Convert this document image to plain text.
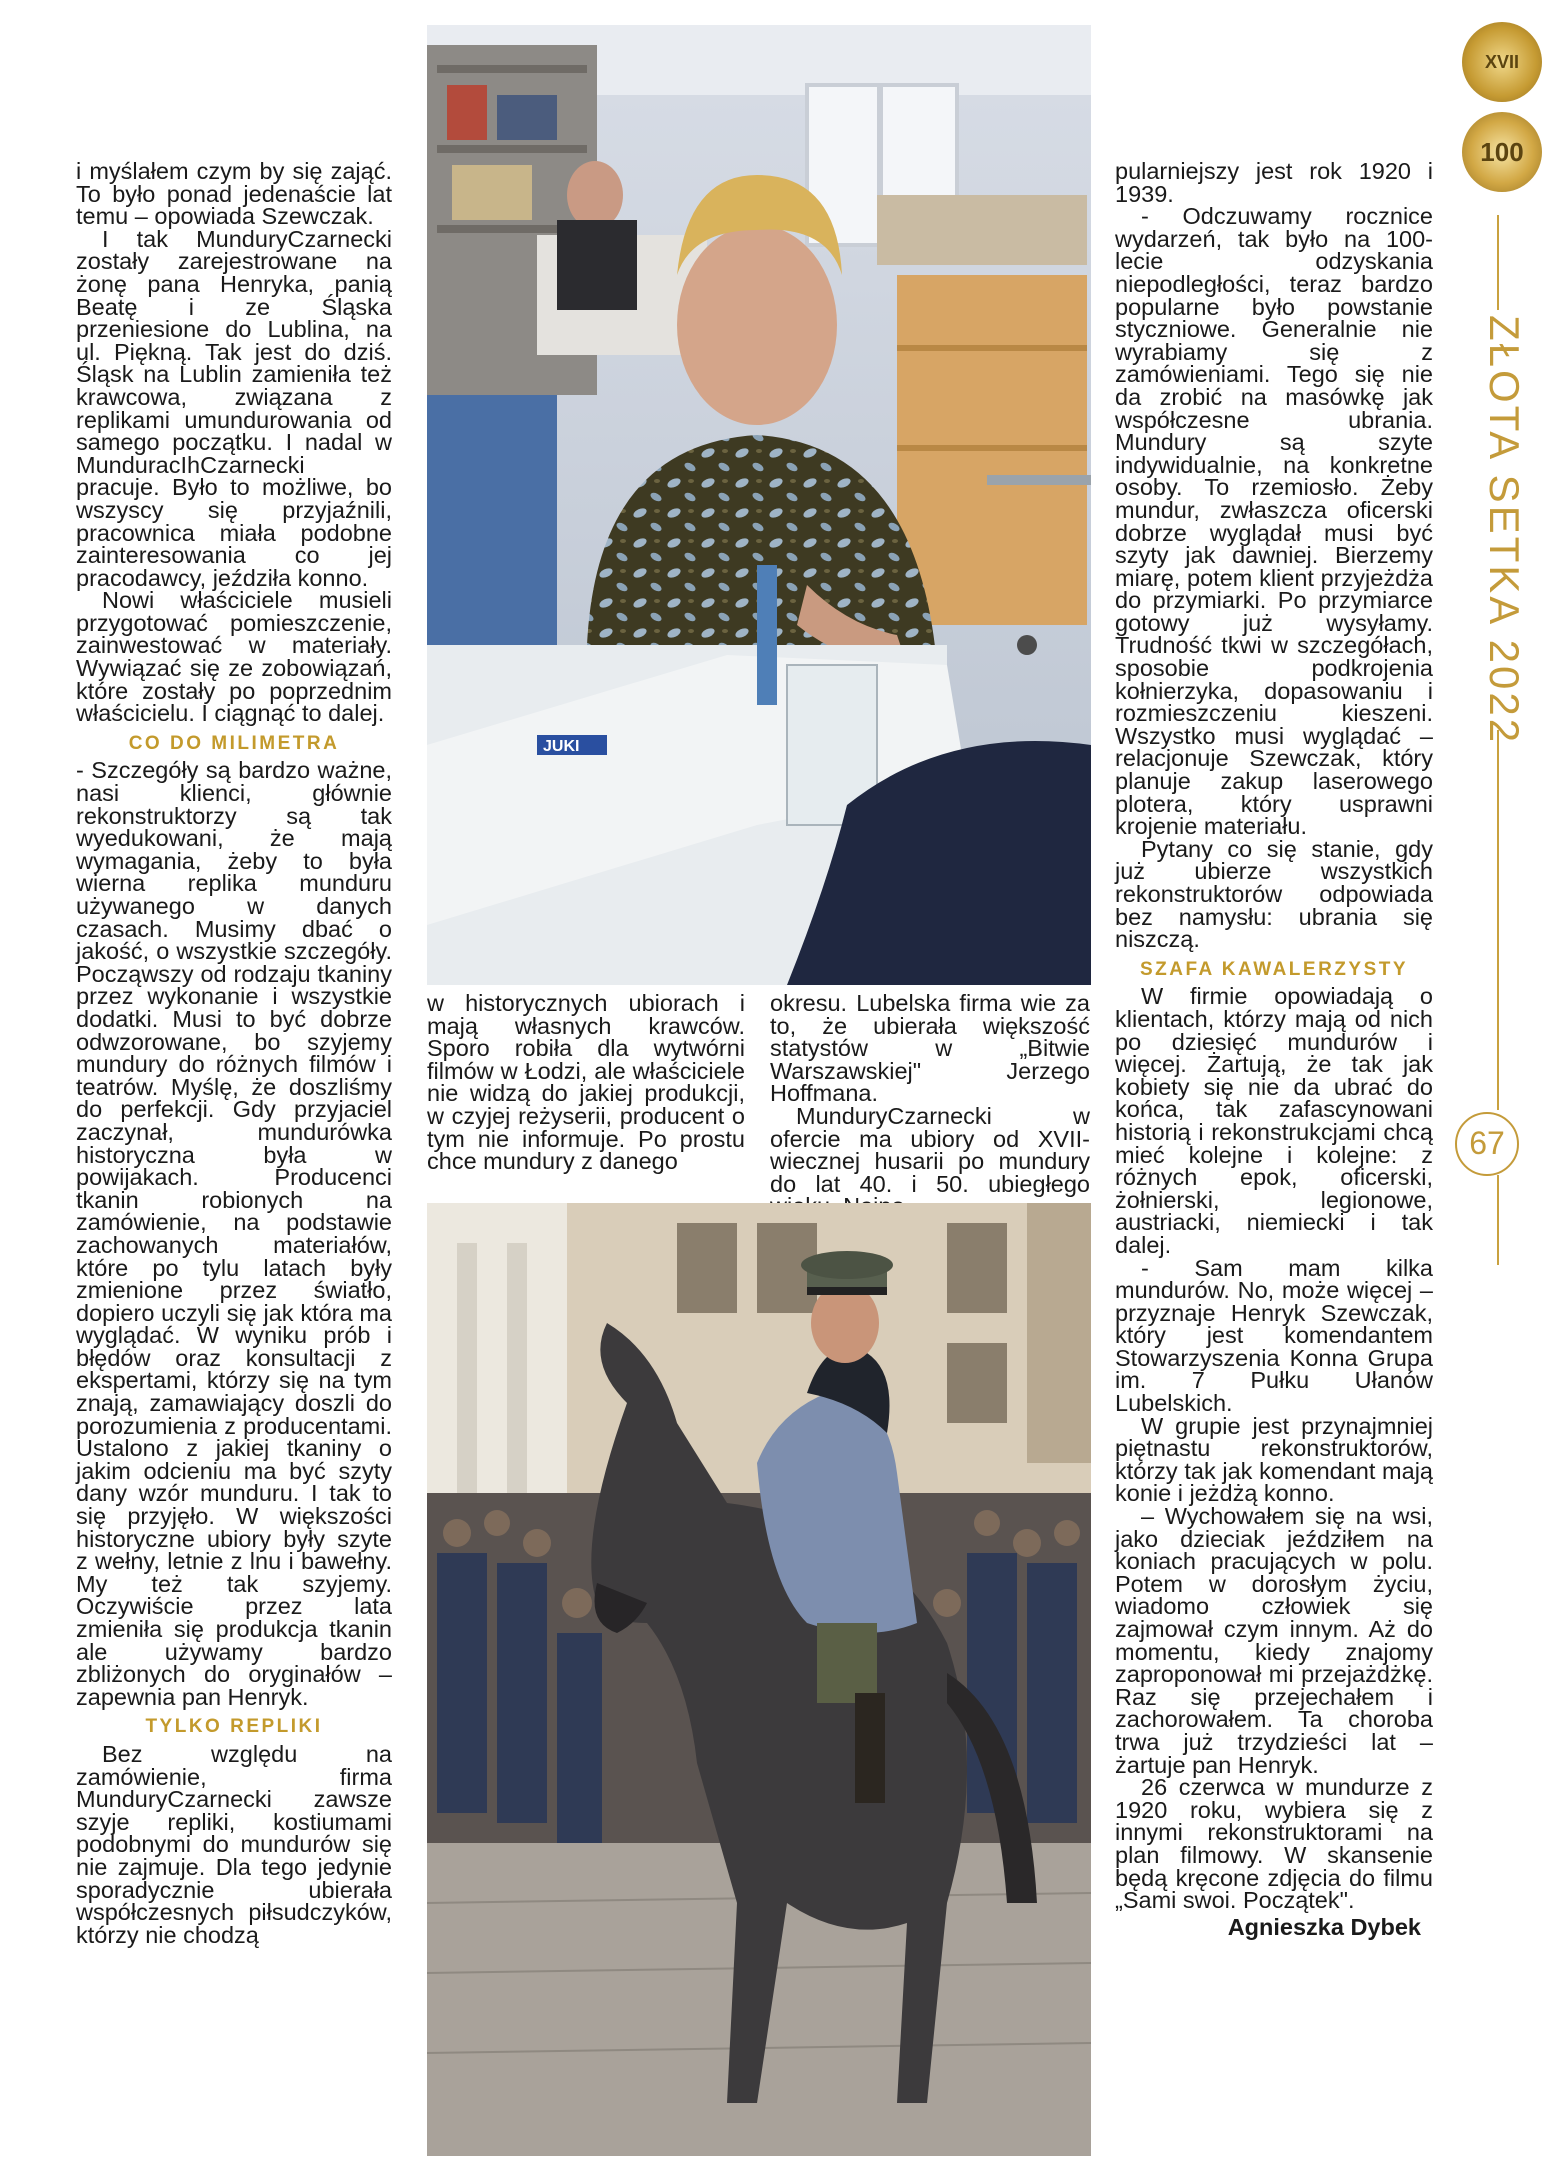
i myślałem czym by się zająć. To było ponad jedenaście lat temu – opowiada Szewczak.

I tak MunduryCzarnecki zostały zarejestrowane na żonę pana Henryka, panią Beatę i ze Śląska przeniesione do Lublina, na ul. Piękną. Tak jest do dziś. Śląsk na Lublin zamieniła też krawcowa, związana z replikami umundurowania od samego początku. I nadal w MunduracIhCzarnecki pracuje. Było to możliwe, bo wszyscy się przyjaźnili, pracownica miała podobne zainteresowania co jej pracodawcy, jeździła konno.

Nowi właściciele musieli przygotować pomieszczenie, zainwestować w materiały. Wywiązać się ze zobowiązań, które zostały po poprzednim właścicielu. I ciągnąć to dalej.

CO DO MILIMETRA

- Szczegóły są bardzo ważne, nasi klienci, głównie rekonstruktorzy są tak wyedukowani, że mają wymagania, żeby to była wierna replika munduru używanego w danych czasach. Musimy dbać o jakość, o wszystkie szczegóły. Począwszy od rodzaju tkaniny przez wykonanie i wszystkie dodatki. Musi to być dobrze odwzorowane, bo szyjemy mundury do różnych filmów i teatrów. Myślę, że doszliśmy do perfekcji. Gdy przyjaciel zaczynał, mundurówka historyczna była w powijakach. Producenci tkanin robionych na zamówienie, na podstawie zachowanych materiałów, które po tylu latach były zmienione przez światło, dopiero uczyli się jak która ma wyglądać. W wyniku prób i błędów oraz konsultacji z ekspertami, którzy się na tym znają, zamawiający doszli do porozumienia z producentami. Ustalono z jakiej tkaniny o jakim odcieniu ma być szyty dany wzór munduru. I tak to się przyjęło. W większości historyczne ubiory były szyte z wełny, letnie z lnu i bawełny. My też tak szyjemy. Oczywiście przez lata zmieniła się produkcja tkanin ale używamy bardzo zbliżonych do oryginałów – zapewnia pan Henryk.

TYLKO REPLIKI

Bez względu na zamówienie, firma MunduryCzarnecki zawsze szyje repliki, kostiumami podobnymi do mundurów się nie zajmuje. Dla tego jedynie sporadycznie ubierała współczesnych piłsudczyków, którzy nie chodzą

JUKI

w historycznych ubiorach i mają własnych krawców. Sporo robiła dla wytwórni filmów w Łodzi, ale właściciele nie widzą do jakiej produkcji, w czyjej reżyserii, producent o tym nie informuje. Po prostu chce mundury z danego

okresu. Lubelska firma wie za to, że ubierała większość statystów w „Bitwie Warszawskiej" Jerzego Hoffmana.

MunduryCzarnecki w ofercie ma ubiory od XVII-wiecznej husarii po mundury do lat 40. i 50. ubiegłego

pularniejszy jest rok 1920 i 1939.

- Odczuwamy rocznice wydarzeń, tak było na 100-lecie odzyskania niepodległości, teraz bardzo popularne było powstanie styczniowe. Generalnie nie wyrabiamy się z zamówieniami. Tego się nie da zrobić na masówkę jak współczesne ubrania. Mundury są szyte indywidualnie, na konkretne osoby. To rzemiosło. Żeby mundur, zwłaszcza oficerski dobrze wyglądał musi być szyty jak dawniej. Bierzemy miarę, potem klient przyjeżdża do przymiarki. Po przymiarce gotowy już wysyłamy. Trudność tkwi w szczegółach, sposobie podkrojenia kołnierzyka, dopasowaniu i rozmieszczeniu kieszeni. Wszystko musi wyglądać – relacjonuje Szewczak, który planuje zakup laserowego plotera, który usprawni krojenie materiału.

Pytany co się stanie, gdy już ubierze wszystkich rekonstruktorów odpowiada bez namysłu: ubrania się niszczą.

SZAFA KAWALERZYSTY

W firmie opowiadają o klientach, którzy mają od nich po dziesięć mundurów i więcej. Żartują, że tak jak kobiety się nie da ubrać do końca, tak zafascynowani historią i rekonstrukcjami chcą mieć kolejne i kolejne: z różnych epok, oficerski, żołnierski, legionowe, austriacki, niemiecki i tak dalej.

- Sam mam kilka mundurów. No, może więcej – przyznaje Henryk Szewczak, który jest komendantem Stowarzyszenia Konna Grupa im. 7 Pułku Ułanów Lubelskich.

W grupie jest przynajmniej piętnastu rekonstruktorów, którzy tak jak komendant mają konie i jeżdżą konno.

– Wychowałem się na wsi, jako dzieciak jeździłem na koniach pracujących w polu. Potem w dorosłym życiu, wiadomo człowiek się zajmował czym innym. Aż do momentu, kiedy znajomy zaproponował mi przejażdżkę. Raz się przejechałem i zachorowałem. Ta choroba trwa już trzydzieści lat – żartuje pan Henryk.

26 czerwca w mundurze z 1920 roku, wybiera się z innymi rekonstruktorami na plan filmowy. W skansenie będą kręcone zdjęcia do filmu „Sami swoi. Początek".

Agnieszka Dybek
XVII
100
ZŁOTA SETKA 2022
67
